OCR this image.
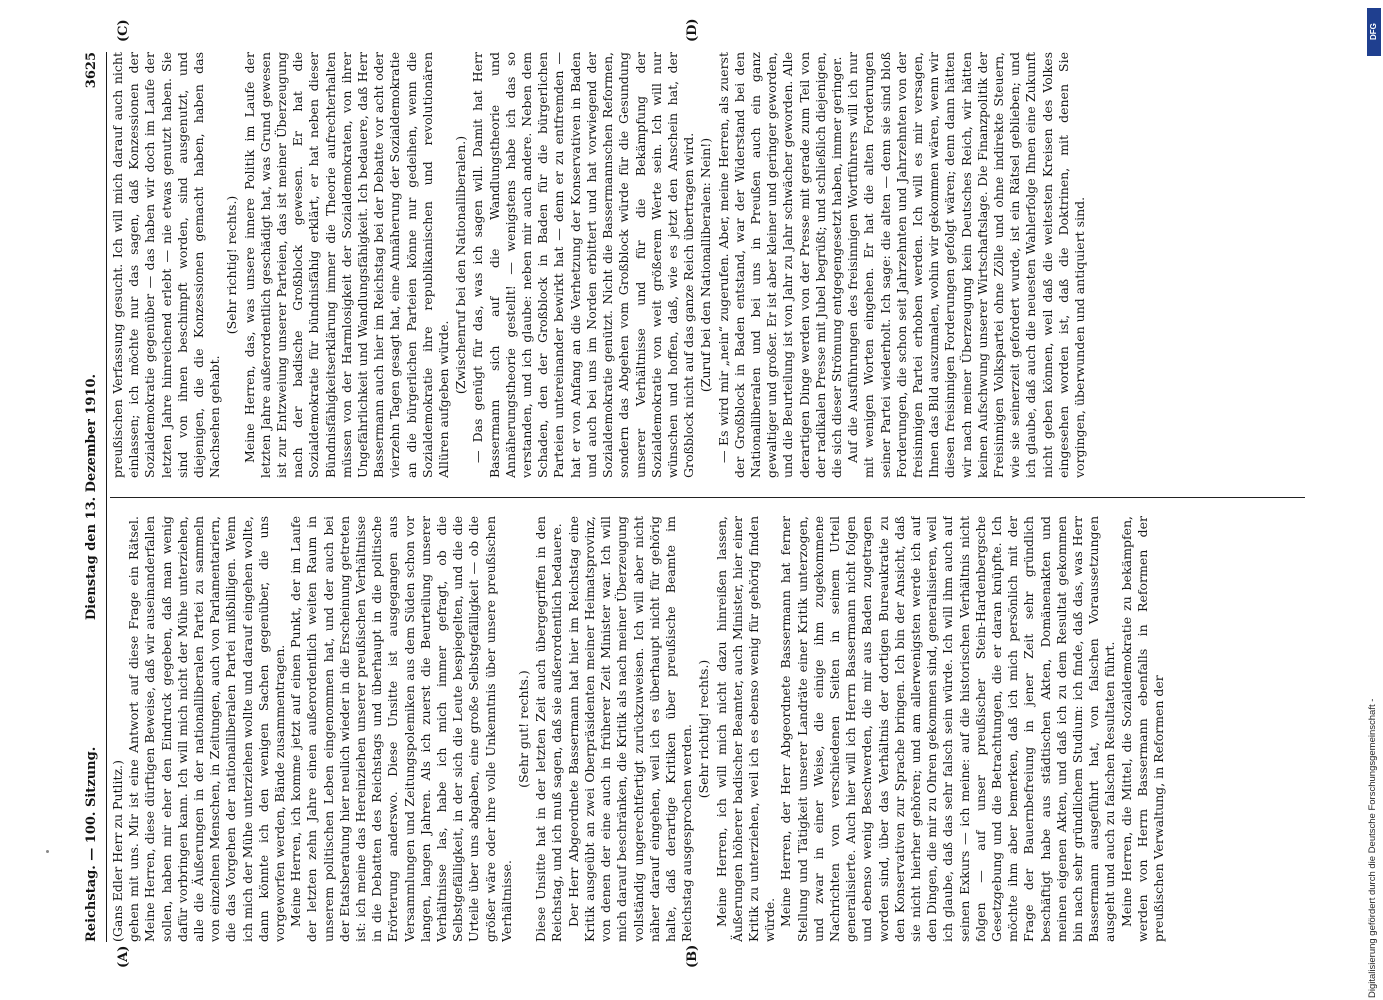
Reichstag. — 100. Sitzung.
Dienstag den 13. Dezember 1910.
3625
(A)	(B)
(C)	(D)

(Gans Edler Herr zu Putlitz.) gehen mit uns. Mir ist eine Antwort auf diese Frage ein Rätsel. Meine Herren, diese dürftigen Beweise, daß wir auseinanderfallen sollen, haben mir eher den Eindruck gegeben, daß man wenig dafür vorbringen kann. Ich will mich nicht der Mühe unterziehen, alle die Äußerungen in der nationalliberalen Partei zu sammeln von einzelnen Menschen, in Zeitungen, auch von Parlamentariern, die das Vorgehen der nationalliberalen Partei mißbilligen. Wenn ich mich der Mühe unterziehen wollte und darauf eingehen wollte, dann könnte ich den wenigen Sachen gegenüber, die uns vorgeworfen werden, Bände zusammentragen. Meine Herren, ich komme jetzt auf einen Punkt, der im Laufe der letzten zehn Jahre einen außerordentlich weiten Raum in unserem politischen Leben eingenommen hat, und der auch bei der Etatsberatung hier neulich wieder in die Erscheinung getreten ist: ich meine das Hereinziehen unserer preußischen Verhältnisse in die Debatten des Reichstags und überhaupt in die politische Erörterung anderswo. Diese Unsitte ist ausgegangen aus Versammlungen und Zeitungspolemiken aus dem Süden schon vor langen, langen Jahren. Als ich zuerst die Beurteilung unserer Verhältnisse las, habe ich mich immer gefragt, ob die Selbstgefälligkeit, in der sich die Leute bespiegelten, und die die Urteile über uns abgaben, eine große Selbstgefälligkeit — ob die größer wäre oder ihre volle Unkenntnis über unsere preußischen Verhältnisse.

(Sehr gut! rechts.) Diese Unsitte hat in der letzten Zeit auch übergegriffen in den Reichstag, und ich muß sagen, daß sie außerordentlich bedauere. Der Herr Abgeordnete Bassermann hat hier im Reichstag eine Kritik ausgeübt an zwei Oberpräsidenten meiner Heimatsprovinz, von denen der eine auch in früherer Zeit Minister war. Ich will mich darauf beschränken, die Kritik als nach meiner Überzeugung vollständig ungerechtfertigt zurückzuweisen. Ich will aber nicht näher darauf eingehen, weil ich es überhaupt nicht für gehörig halte, daß derartige Kritiken über preußische Beamte im Reichstag ausgesprochen werden. (Sehr richtig! rechts.) Meine Herren, ich will mich nicht dazu hinreißen lassen, Äußerungen höherer badischer Beamter, auch Minister, hier einer Kritik zu unterziehen, weil ich es ebenso wenig für gehörig finden würde. Meine Herren, der Herr Abgeordnete Bassermann hat ferner Stellung und Tätigkeit unserer Landräte einer Kritik unterzogen, und zwar in einer Weise, die einige ihm zugekommene Nachrichten von verschiedenen Seiten in seinem Urteil generalisierte. Auch hier will ich Herrn Bassermann nicht folgen und ebenso wenig Beschwerden, die mir aus Baden zugetragen worden sind, über das Verhältnis der dortigen Bureaukratie zu den Konservativen zur Sprache bringen. Ich bin der Ansicht, daß sie nicht hierher gehören; und am allerwenigsten werde ich auf den Dingen, die mir zu Ohren gekommen sind, generalisieren, weil ich glaube, daß das sehr falsch sein würde. Ich will ihm auch auf seinen Exkurs — ich meine: auf die historischen Verhältnis nicht folgen — auf unser preußischer Stein-Hardenbergsche Gesetzgebung und die Betrachtungen, die er daran knüpfte. Ich möchte ihm aber bemerken, daß ich mich persönlich mit der Frage der Bauernbefreiung in jener Zeit sehr gründlich beschäftigt habe aus städtischen Akten, Domänenakten und meinen eigenen Akten, und daß ich zu dem Resultat gekommen bin nach sehr gründlichem Studium: ich finde, daß das, was Herr Bassermann ausgeführt hat, von falschen Voraussetzungen ausgeht und auch zu falschen Resultaten führt. Meine Herren, die Mittel, die Sozialdemokratie zu bekämpfen, werden von Herrn Bassermann ebenfalls in Reformen der preußischen Verwaltung, in Reformen der

preußischen Verfassung gesucht. Ich will mich darauf auch nicht einlassen; ich möchte nur das sagen, daß Konzessionen der Sozialdemokratie gegenüber — das haben wir doch im Laufe der letzten Jahre hinreichend erlebt — nie etwas genutzt haben. Sie sind von ihnen beschimpft worden, sind ausgenutzt, und diejenigen, die die Konzessionen gemacht haben, haben das Nachsehen gehabt.

(Sehr richtig! rechts.) Meine Herren, das, was unsere innere Politik im Laufe der letzten Jahre außerordentlich geschädigt hat, was Grund gewesen ist zur Entzweiung unserer Parteien, das ist meiner Überzeugung nach der badische Großblock gewesen. Er hat die Sozialdemokratie für bündnisfähig erklärt, er hat neben dieser Bündnisfähigkeitserklärung immer die Theorie aufrechterhalten müssen von der Harmlosigkeit der Sozialdemokraten, von ihrer Ungefährlichkeit und Wandlungsfähigkeit. Ich bedauere, daß Herr Bassermann auch hier im Reichstag bei der Debatte vor acht oder vierzehn Tagen gesagt hat, eine Annäherung der Sozialdemokratie an die bürgerlichen Parteien könne nur gedeihen, wenn die Sozialdemokratie ihre republikanischen und revolutionären Allüren aufgeben würde.

(Zwischenruf bei den Nationalliberalen.) — Das genügt für das, was ich sagen will. Damit hat Herr Bassermann sich auf die Wandlungstheorie und Annäherungstheorie gestellt! — wenigstens habe ich das so verstanden, und ich glaube: neben mir auch andere. Neben dem Schaden, den der Großblock in Baden für die bürgerlichen Parteien untereinander bewirkt hat — denn er zu entfremden — hat er von Anfang an die Verhetzung der Konservativen in Baden und auch bei uns im Norden erbittert und hat vorwiegend der Sozialdemokratie genützt. Nicht die Bassermannschen Reformen, sondern das Abgehen vom Großblock würde für die Gesundung unserer Verhältnisse und für die Bekämpfung der Sozialdemokratie von weit größerem Werte sein. Ich will nur wünschen und hoffen, daß, wie es jetzt den Anschein hat, der Großblock nicht auf das ganze Reich übertragen wird. (Zuruf bei den Nationalliberalen: Nein!) — Es wird mir „nein“ zugerufen. Aber, meine Herren, als zuerst der Großblock in Baden entstand, war der Widerstand bei den Nationalliberalen und bei uns in Preußen auch ein ganz gewaltiger und großer. Er ist aber kleiner und geringer geworden, und die Beurteilung ist von Jahr zu Jahr schwächer geworden. Alle derartigen Dinge werden von der Presse mit gerade zum Teil von der radikalen Presse mit Jubel begrüßt; und schließlich diejenigen, die sich dieser Strömung entgegengesetzt haben, immer geringer. Auf die Ausführungen des freisinnigen Wortführers will ich nur mit wenigen Worten eingehen. Er hat die alten Forderungen seiner Partei wiederholt. Ich sage: die alten — denn sie sind bloß Forderungen, die schon seit Jahrzehnten und Jahrzehnten von der freisinnigen Partei erhoben werden. Ich will es mir versagen, Ihnen das Bild auszumalen, wohin wir gekommen wären, wenn wir diesen freisinnigen Forderungen gefolgt wären; denn dann hätten wir nach meiner Überzeugung kein Deutsches Reich, wir hätten keinen Aufschwung unserer Wirtschaftslage. Die Finanzpolitik der Freisinnigen Volkspartei ohne Zölle und ohne indirekte Steuern, wie sie seinerzeit gefordert wurde, ist ein Rätsel geblieben; und ich glaube, daß auch die neuesten Wahlerfolge Ihnen eine Zukunft nicht geben können, weil daß die weitesten Kreisen des Volkes eingesehen worden ist, daß die Doktrinen, mit denen Sie vorgingen, überwunden und antiquiert sind.

DFG
Digitalisierung gefördert durch die Deutsche Forschungsgemeinschaft -
